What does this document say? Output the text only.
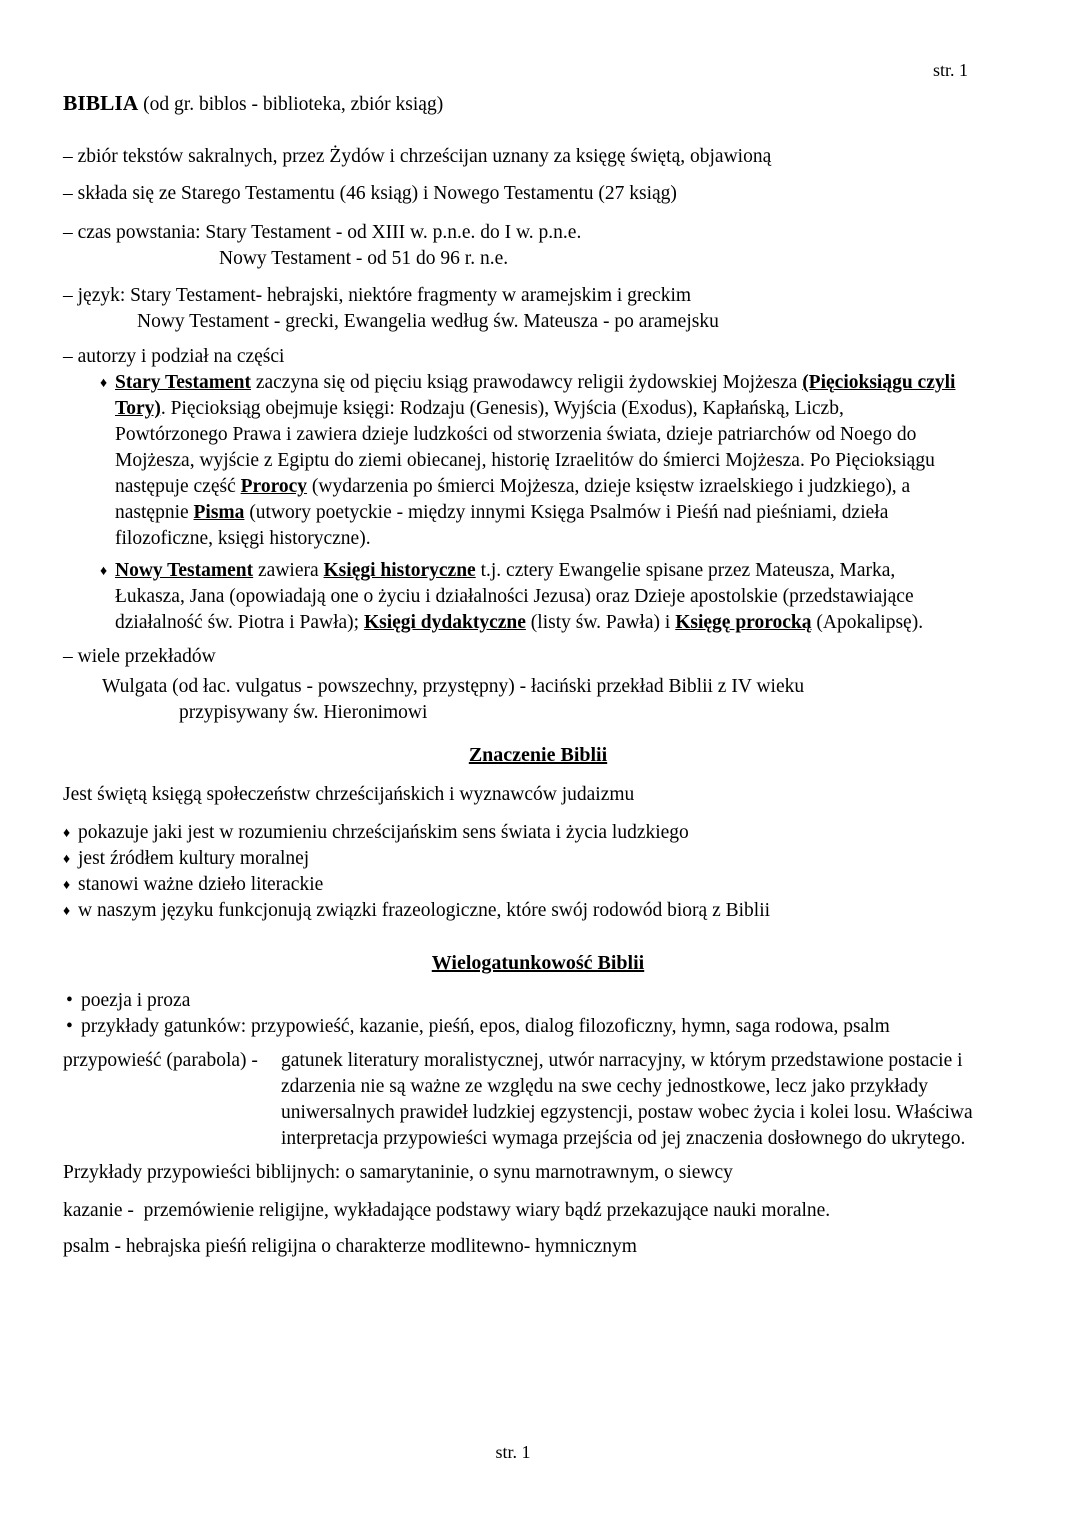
str. 1
BIBLIA (od gr. biblos - biblioteka, zbiór ksiąg)
– zbiór tekstów sakralnych, przez Żydów i chrześcijan uznany za księgę świętą, objawioną
– składa się ze Starego Testamentu (46 ksiąg) i Nowego Testamentu (27 ksiąg)
– czas powstania: Stary Testament - od XIII w. p.n.e. do I w. p.n.e.
Nowy Testament - od 51 do 96 r. n.e.
– język: Stary Testament- hebrajski, niektóre fragmenty w aramejskim i greckim
Nowy Testament - grecki, Ewangelia według św. Mateusza - po aramejsku
– autorzy i podział na części
♦ Stary Testament zaczyna się od pięciu ksiąg prawodawcy religii żydowskiej Mojżesza (Pięcioksiągu czyli Tory). Pięcioksiąg obejmuje księgi: Rodzaju (Genesis), Wyjścia (Exodus), Kapłańską, Liczb, Powtórzonego Prawa i zawiera dzieje ludzkości od stworzenia świata, dzieje patriarchów od Noego do Mojżesza, wyjście z Egiptu do ziemi obiecanej, historię Izraelitów do śmierci Mojżesza. Po Pięcioksiągu następuje część Prorocy (wydarzenia po śmierci Mojżesza, dzieje księstw izraelskiego i judzkiego), a następnie Pisma (utwory poetyckie - między innymi Księga Psalmów i Pieśń nad pieśniami, dzieła filozoficzne, księgi historyczne).
♦ Nowy Testament zawiera Księgi historyczne t.j. cztery Ewangelie spisane przez Mateusza, Marka, Łukasza, Jana (opowiadają one o życiu i działalności Jezusa) oraz Dzieje apostolskie (przedstawiające działalność św. Piotra i Pawła); Księgi dydaktyczne (listy św. Pawła) i Księgę prorocką (Apokalipsę).
– wiele przekładów
Wulgata (od łac. vulgatus - powszechny, przystępny) - łaciński przekład Biblii z IV wieku
przypisywany św. Hieronimowi
Znaczenie Biblii
Jest świętą księgą społeczeństw chrześcijańskich i wyznawców judaizmu
♦ pokazuje jaki jest w rozumieniu chrześcijańskim sens świata i życia ludzkiego
♦ jest źródłem kultury moralnej
♦ stanowi ważne dzieło literackie
♦ w naszym języku funkcjonują związki frazeologiczne, które swój rodowód biorą z Biblii
Wielogatunkowość Biblii
• poezja i proza
• przykłady gatunków: przypowieść, kazanie, pieśń, epos, dialog filozoficzny, hymn, saga rodowa, psalm
przypowieść (parabola) -	gatunek literatury moralistycznej, utwór narracyjny, w którym przedstawione postacie i zdarzenia nie są ważne ze względu na swe cechy jednostkowe, lecz jako przykłady uniwersalnych prawideł ludzkiej egzystencji, postaw wobec życia i kolei losu. Właściwa interpretacja przypowieści wymaga przejścia od jej znaczenia dosłownego do ukrytego.
Przykłady przypowieści biblijnych: o samarytaninie, o synu marnotrawnym, o siewcy
kazanie -  przemówienie religijne, wykładające podstawy wiary bądź przekazujące nauki moralne.
psalm - hebrajska pieśń religijna o charakterze modlitewno- hymnicznym
str. 1
